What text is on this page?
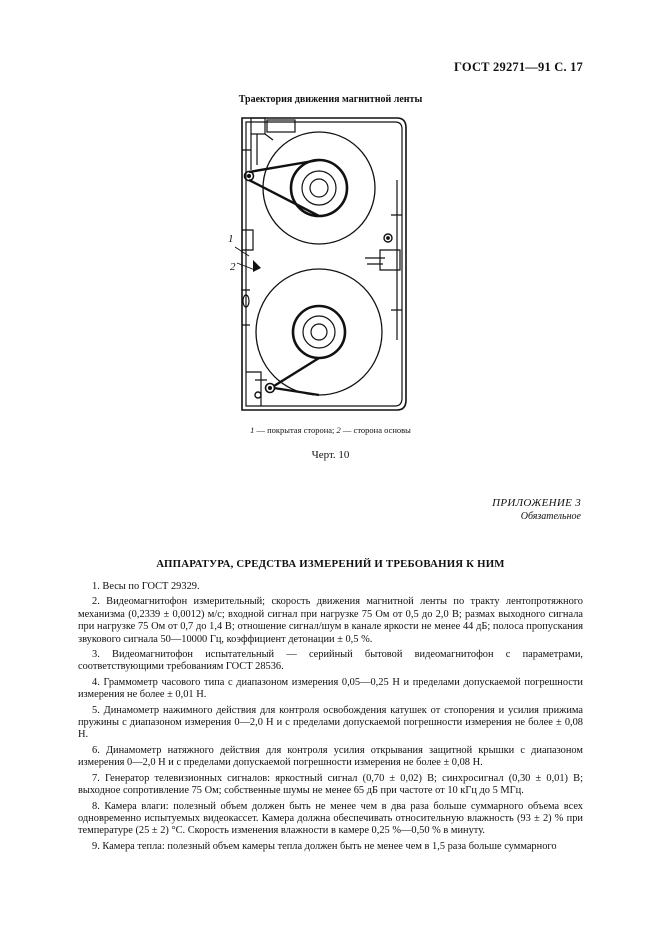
ГОСТ 29271—91 С. 17
Траектория движения магнитной ленты
1
2
1 — покрытая сторона; 2 — сторона основы
Черт. 10
ПРИЛОЖЕНИЕ 3
Обязательное
АППАРАТУРА, СРЕДСТВА ИЗМЕРЕНИЙ И ТРЕБОВАНИЯ К НИМ

1. Весы по ГОСТ 29329.

2. Видеомагнитофон измерительный; скорость движения магнитной ленты по тракту лентопротяжного механизма (0,2339 ± 0,0012) м/с; входной сигнал при нагрузке 75 Ом от 0,5 до 2,0 В; размах выходного сигнала при нагрузке 75 Ом от 0,7 до 1,4 В; отношение сигнал/шум в канале яркости не менее 44 дБ; полоса пропускания звукового сигнала 50—10000 Гц, коэффициент детонации ± 0,5 %.

3. Видеомагнитофон испытательный — серийный бытовой видеомагнитофон с параметрами, соответствующими требованиям ГОСТ 28536.

4. Граммометр часового типа с диапазоном измерения 0,05—0,25 Н и пределами допускаемой погрешности измерения не более ± 0,01 Н.

5. Динамометр нажимного действия для контроля освобождения катушек от стопорения и усилия прижима пружины с диапазоном измерения 0—2,0 Н и с пределами допускаемой погрешности измерения не более ± 0,08 Н.

6. Динамометр натяжного действия для контроля усилия открывания защитной крышки с диапазоном измерения 0—2,0 Н и с пределами допускаемой погрешности измерения не более ± 0,08 Н.

7. Генератор телевизионных сигналов: яркостный сигнал (0,70 ± 0,02) В; синхросигнал (0,30 ± 0,01) В; выходное сопротивление 75 Ом; собственные шумы не менее 65 дБ при частоте от 10 кГц до 5 МГц.

8. Камера влаги: полезный объем должен быть не менее чем в два раза больше суммарного объема всех одновременно испытуемых видеокассет. Камера должна обеспечивать относительную влажность (93 ± 2) % при температуре (25 ± 2) °С. Скорость изменения влажности в камере 0,25 %—0,50 % в минуту.

9. Камера тепла: полезный объем камеры тепла должен быть не менее чем в 1,5 раза больше суммарного
